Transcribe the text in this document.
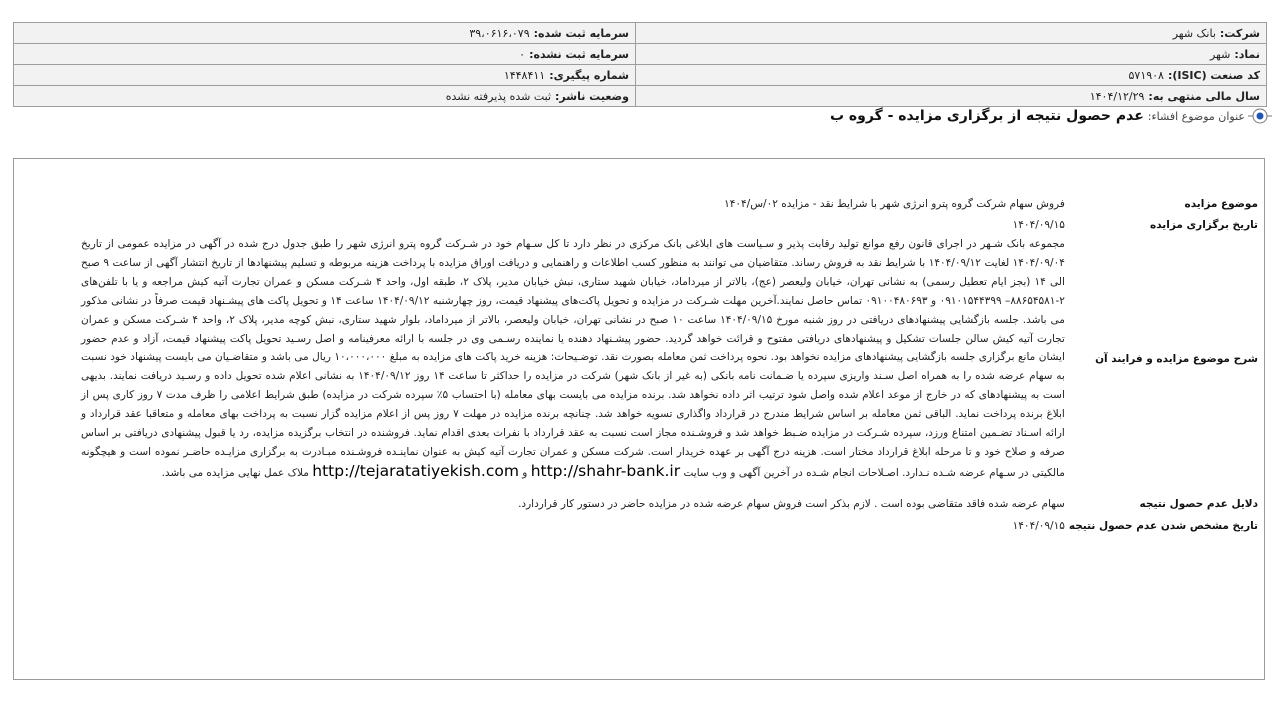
شرکت:بانک شهر	سرمایه ثبت شده:۳۹،۰۶۱۶،۰۷۹
نماد:شهر	سرمایه ثبت نشده:۰
کد صنعت (ISIC):۵۷۱۹۰۸	شماره پیگیری:۱۴۴۸۴۱۱
سال مالی منتهی به:۱۴۰۴/۱۲/۲۹	وضعیت ناشر:ثبت شده پذیرفته نشده
عنوان موضوع افشاء:
عدم حصول نتیجه از برگزاری مزایده - گروه ب
موضوع مزایده	فروش سهام شرکت گروه پترو انرژی شهر با شرایط نقد - مزایده ۰۲/س/۱۴۰۴
تاریخ برگزاری مزایده	۱۴۰۴/۰۹/۱۵
شرح موضوع مزایده و فرایند آن	مجموعه بانک شـهر در اجرای قانون رفع موانع تولید رقابت پذیر و سـیاست های ابلاغی بانک مرکزی در نظر دارد تا کل سـهام خود در شـرکت گروه پترو انرژی شهر را طبق جدول درج شده در آگهی در مزایده عمومی از تاریخ ۱۴۰۴/۰۹/۰۴ لغایت ۱۴۰۴/۰۹/۱۲ با شرایط نقد به فروش رساند. متقاضیان می توانند به منظور کسب اطلاعات و راهنمایی و دریافت اوراق مزایده با پرداخت هزینه مربوطه و تسلیم پیشنهادها از تاریخ انتشار آگهی از ساعت ۹ صبح الی ۱۴ (بجز ایام تعطیل رسمی) به نشانی تهران، خیابان ولیعصر (عج)، بالاتر از میرداماد، خیابان شهید ستاری، نبش خیابان مدیر، پلاک ۲، طبقه اول، واحد ۴ شـرکت مسکن و عمران تجارت آتیه کیش مراجعه و یا با تلفن‌های ۲-۸۸۶۵۴۵۸۱– ۰۹۱۰۱۵۴۴۳۹۹ و ۰۹۱۰۰۴۸۰۶۹۳ تماس حاصل نمایند.آخرین مهلت شـرکت در مزایده و تحویل پاکت‌های پیشنهاد قیمت، روز چهارشنبه ۱۴۰۴/۰۹/۱۲ ساعت ۱۴ و تحویل پاکت های پیشـنهاد قیمت صرفاً در نشانی مذکور می باشد. جلسه بازگشایی پیشنهادهای دریافتی در روز شنبه مورخ ۱۴۰۴/۰۹/۱۵ ساعت ۱۰ صبح در نشانی تهران، خیابان ولیعصر، بالاتر از میرداماد، بلوار شهید ستاری، نبش کوچه مدیر، پلاک ۲، واحد ۴ شـرکت مسکن و عمران تجارت آتیه کیش سالن جلسات تشکیل و پیشنهادهای دریافتی مفتوح و قرائت خواهد گردید. حضور پیشـنهاد دهنده یا نماینده رسـمی وی در جلسه با ارائه معرفینامه و اصل رسـید تحویل پاکت پیشنهاد قیمت، آزاد و عدم حضور ایشان مانع برگزاری جلسه بازگشایی پیشنهادهای مزایده نخواهد بود. نحوه پرداخت ثمن معامله بصورت نقد. توضـیحات: هزینه خرید پاکت های مزایده به مبلغ ۱۰،۰۰۰،۰۰۰ ریال می باشد و متقاضـیان می بایست پیشنهاد خود نسبت به سهام عرضه شده را به همراه اصل سـند واریزی سپرده یا ضـمانت نامه بانکی (به غیر از بانک شهر) شرکت در مزایده را حداکثر تا ساعت ۱۴ روز ۱۴۰۴/۰۹/۱۲ به نشانی اعلام شده تحویل داده و رسـید دریافت نمایند. بدیهی است به پیشنهادهای که در خارج از موعد اعلام شده واصل شود ترتیب اثر داده نخواهد شد. برنده مزایده می بایست بهای معامله (با احتساب ۵٪ سپرده شرکت در مزایده) طبق شرایط اعلامی را ظرف مدت ۷ روز کاری پس از ابلاغ برنده پرداخت نماید. الباقی ثمن معامله بر اساس شرایط مندرج در قرارداد واگذاری تسویه خواهد شد. چنانچه برنده مزایده در مهلت ۷ روز پس از اعلام مزایده گزار نسبت به پرداخت بهای معامله و متعاقبا عقد قرارداد و ارائه اسـناد تضـمین امتناع ورزد، سپرده شـرکت در مزایده ضـبط خواهد شد و فروشـنده مجاز است نسبت به عقد قرارداد با نفرات بعدی اقدام نماید. فروشنده در انتخاب برگزیده مزایده، رد یا قبول پیشنهادی دریافتی بر اساس صرفه و صلاح خود و تا مرحله ابلاغ قرارداد مختار است. هزینه درج آگهی بر عهده خریدار است. شرکت مسکن و عمران تجارت آتیه کیش به عنوان نماینـده فروشـنده مبـادرت به برگزاری مزایـده حاضـر نموده است و هیچگونه مالکیتی در سـهام عرضه شـده نـدارد. اصـلاحات انجام شـده در آخرین آگهی و وب سایت http://shahr-bank.ir و http://tejaratatiyekish.com ملاک عمل نهایی مزایده می باشد.

دلایل عدم حصول نتیجه	سهام عرضه شده فاقد متقاضی بوده است . لازم بذکر است فروش سهام عرضه شده در مزایده حاضر در دستور کار قراردارد.
تاریخ مشخص شدن عدم حصول نتیجه	۱۴۰۴/۰۹/۱۵
